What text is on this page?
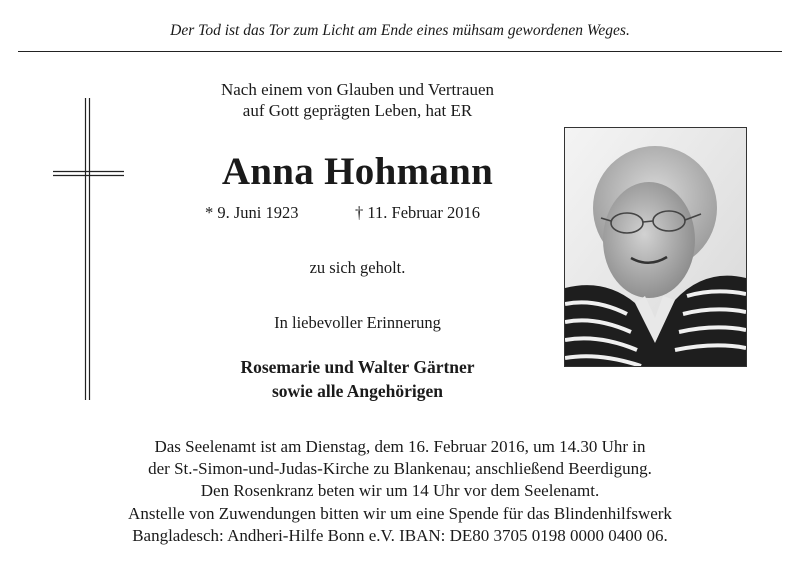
Der Tod ist das Tor zum Licht am Ende eines mühsam gewordenen Weges.
Nach einem von Glauben und Vertrauen
auf Gott geprägten Leben, hat ER
Anna Hohmann
* 9. Juni 1923	† 11. Februar 2016
zu sich geholt.
In liebevoller Erinnerung
Rosemarie und Walter Gärtner
sowie alle Angehörigen
Das Seelenamt ist am Dienstag, dem 16. Februar 2016, um 14.30 Uhr in
der St.-Simon-und-Judas-Kirche zu Blankenau; anschließend Beerdigung.
Den Rosenkranz beten wir um 14 Uhr vor dem Seelenamt.
Anstelle von Zuwendungen bitten wir um eine Spende für das Blindenhilfswerk
Bangladesch: Andheri-Hilfe Bonn e.V. IBAN: DE80 3705 0198 0000 0400 06.
